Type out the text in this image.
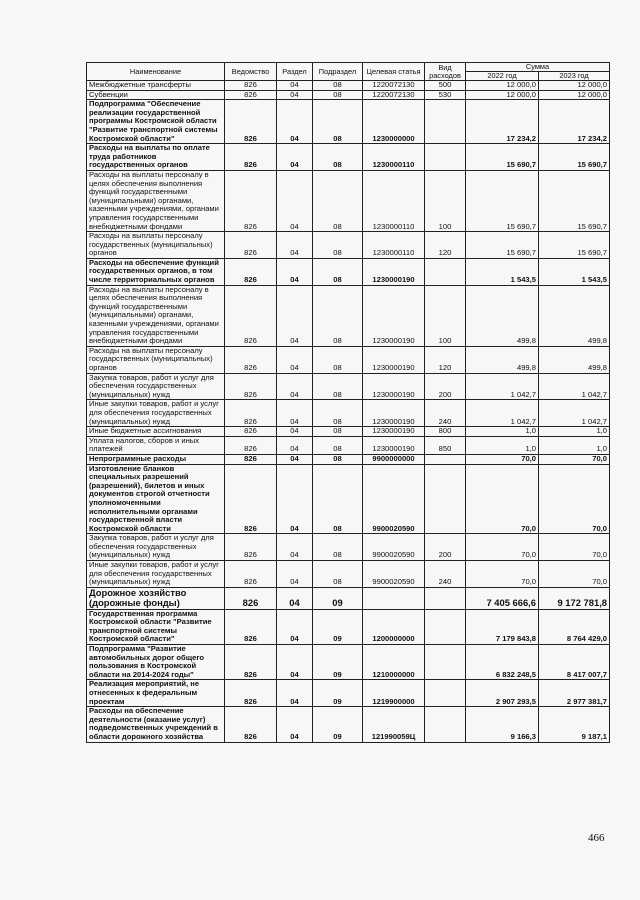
Наименование	Ведомство	Раздел	Подраздел	Целевая статья	Вид расходов	Сумма	
						2022 год	2023 год
Межбюджетные трансферты	826	04	08	1220072130	500	12 000,0	12 000,0
Субвенции	826	04	08	1220072130	530	12 000,0	12 000,0
Подпрограмма "Обеспечение реализации государственной программы Костромской области "Развитие транспортной системы Костромской области"	826	04	08	1230000000		17 234,2	17 234,2
Расходы на выплаты по оплате труда работников государственных органов	826	04	08	1230000110		15 690,7	15 690,7
Расходы на выплаты персоналу в целях обеспечения выполнения функций государственными (муниципальными) органами, казенными учреждениями, органами управления государственными внебюджетными фондами	826	04	08	1230000110	100	15 690,7	15 690,7
Расходы на выплаты персоналу государственных (муниципальных) органов	826	04	08	1230000110	120	15 690,7	15 690,7
Расходы на обеспечение функций государственных органов, в том числе территориальных органов	826	04	08	1230000190		1 543,5	1 543,5
Расходы на выплаты персоналу в целях обеспечения выполнения функций государственными (муниципальными) органами, казенными учреждениями, органами управления государственными внебюджетными фондами	826	04	08	1230000190	100	499,8	499,8
Расходы на выплаты персоналу государственных (муниципальных) органов	826	04	08	1230000190	120	499,8	499,8
Закупка товаров, работ и услуг для обеспечения государственных (муниципальных) нужд	826	04	08	1230000190	200	1 042,7	1 042,7
Иные закупки товаров, работ и услуг для обеспечения государственных (муниципальных) нужд	826	04	08	1230000190	240	1 042,7	1 042,7
Иные бюджетные ассигнования	826	04	08	1230000190	800	1,0	1,0
Уплата налогов, сборов и иных платежей	826	04	08	1230000190	850	1,0	1,0
Непрограммные расходы	826	04	08	9900000000		70,0	70,0
Изготовление бланков специальных разрешений (разрешений), билетов и иных документов строгой отчетности уполномоченными исполнительными органами государственной власти Костромской области	826	04	08	9900020590		70,0	70,0
Закупка товаров, работ и услуг для обеспечения государственных (муниципальных) нужд	826	04	08	9900020590	200	70,0	70,0
Иные закупки товаров, работ и услуг для обеспечения государственных (муниципальных) нужд	826	04	08	9900020590	240	70,0	70,0
Дорожное хозяйство (дорожные фонды)	826	04	09			7 405 666,6	9 172 781,8
Государственная программа Костромской области "Развитие транспортной системы Костромской области"	826	04	09	1200000000		7 179 843,8	8 764 429,0
Подпрограмма "Развитие автомобильных дорог общего пользования в Костромской области на 2014-2024 годы"	826	04	09	1210000000		6 832 248,5	8 417 007,7
Реализация мероприятий, не отнесенных к федеральным проектам	826	04	09	1219900000		2 907 293,5	2 977 381,7
Расходы на обеспечение деятельности (оказание услуг) подведомственных учреждений в области дорожного хозяйства	826	04	09	121990059Ц		9 166,3	9 187,1
466
